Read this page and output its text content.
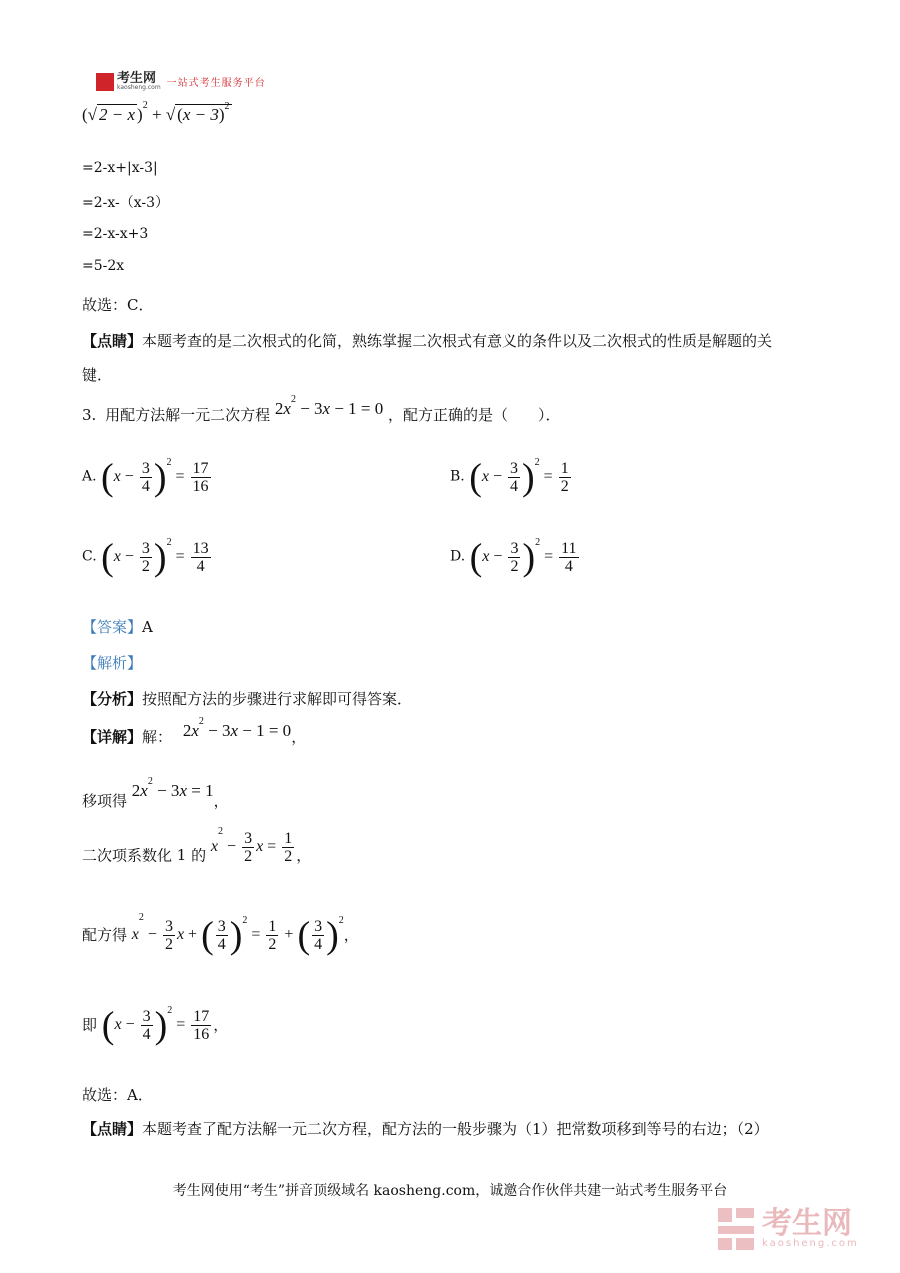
考生网
kaosheng.com 一站式考生服务平台
(√ 2 − x )$^2$ + √ $(x - 3)^2$
=2-x+|x-3|
=2-x-（x-3）
=2-x-x+3
=5-2x
故选：C．
【点睛】本题考查的是二次根式的化简，熟练掌握二次根式有意义的条件以及二次根式的性质是解题的关
键．
3. 用配方法解一元二次方程 $2x^2 - 3x - 1 = 0$ ，配方正确的是（　　）．
A. $(x - \frac{3}{4} )^2 = \frac{17}{16}$	B. $(x - \frac{3}{4} )^2 = \frac{1}{2}$
C. $(x - \frac{3}{2} )^2 = \frac{13}{4}$	D. $(x - \frac{3}{2} )^2 = \frac{11}{4}$
【答案】A
【解析】
【分析】按照配方法的步骤进行求解即可得答案．
【详解】解： $2x^2 - 3x - 1 = 0$，
移项得 $2x^2 - 3x = 1$，
二次项系数化 1 的 $x^2 - \frac{3}{2}$ $x = \frac{1}{2}$ ，
配方得 $x^2 - \frac{3}{2}$ x + ( $\frac{3}{4} )^2 = \frac{1}{2}$ + ( $\frac{3}{4} )^2$，
即 $(x - \frac{3}{4} )^2 = \frac{17}{16}$ ，
故选：A．
【点睛】本题考查了配方法解一元二次方程，配方法的一般步骤为（1）把常数项移到等号的右边；（2）
考生网使用“考生”拼音顶级域名 kaosheng.com，诚邀合作伙伴共建一站式考生服务平台
考生网
kaosheng.com
